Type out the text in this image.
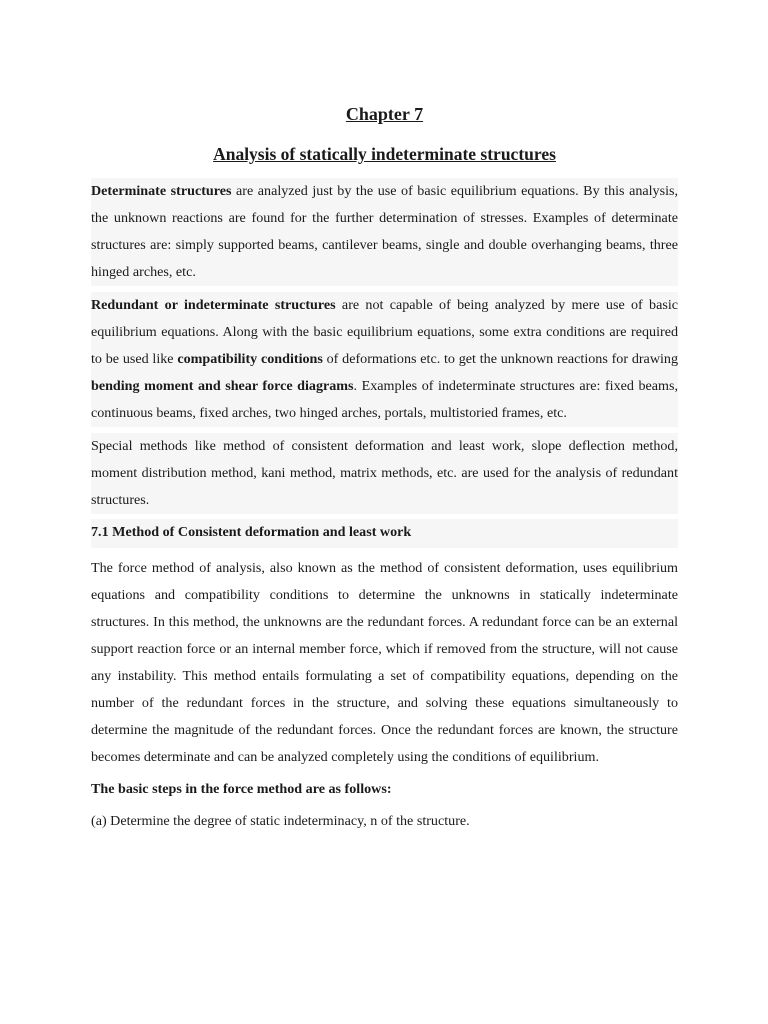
Chapter 7
Analysis of statically indeterminate structures

Determinate structures are analyzed just by the use of basic equilibrium equations. By this analysis, the unknown reactions are found for the further determination of stresses. Examples of determinate structures are: simply supported beams, cantilever beams, single and double overhanging beams, three hinged arches, etc.

Redundant or indeterminate structures are not capable of being analyzed by mere use of basic equilibrium equations. Along with the basic equilibrium equations, some extra conditions are required to be used like compatibility conditions of deformations etc. to get the unknown reactions for drawing bending moment and shear force diagrams. Examples of indeterminate structures are: fixed beams, continuous beams, fixed arches, two hinged arches, portals, multistoried frames, etc.

Special methods like method of consistent deformation and least work, slope deflection method, moment distribution method, kani method, matrix methods, etc. are used for the analysis of redundant structures.

7.1 Method of Consistent deformation and least work

The force method of analysis, also known as the method of consistent deformation, uses equilibrium equations and compatibility conditions to determine the unknowns in statically indeterminate structures. In this method, the unknowns are the redundant forces. A redundant force can be an external support reaction force or an internal member force, which if removed from the structure, will not cause any instability. This method entails formulating a set of compatibility equations, depending on the number of the redundant forces in the structure, and solving these equations simultaneously to determine the magnitude of the redundant forces. Once the redundant forces are known, the structure becomes determinate and can be analyzed completely using the conditions of equilibrium.

The basic steps in the force method are as follows:

(a) Determine the degree of static indeterminacy, n of the structure.
